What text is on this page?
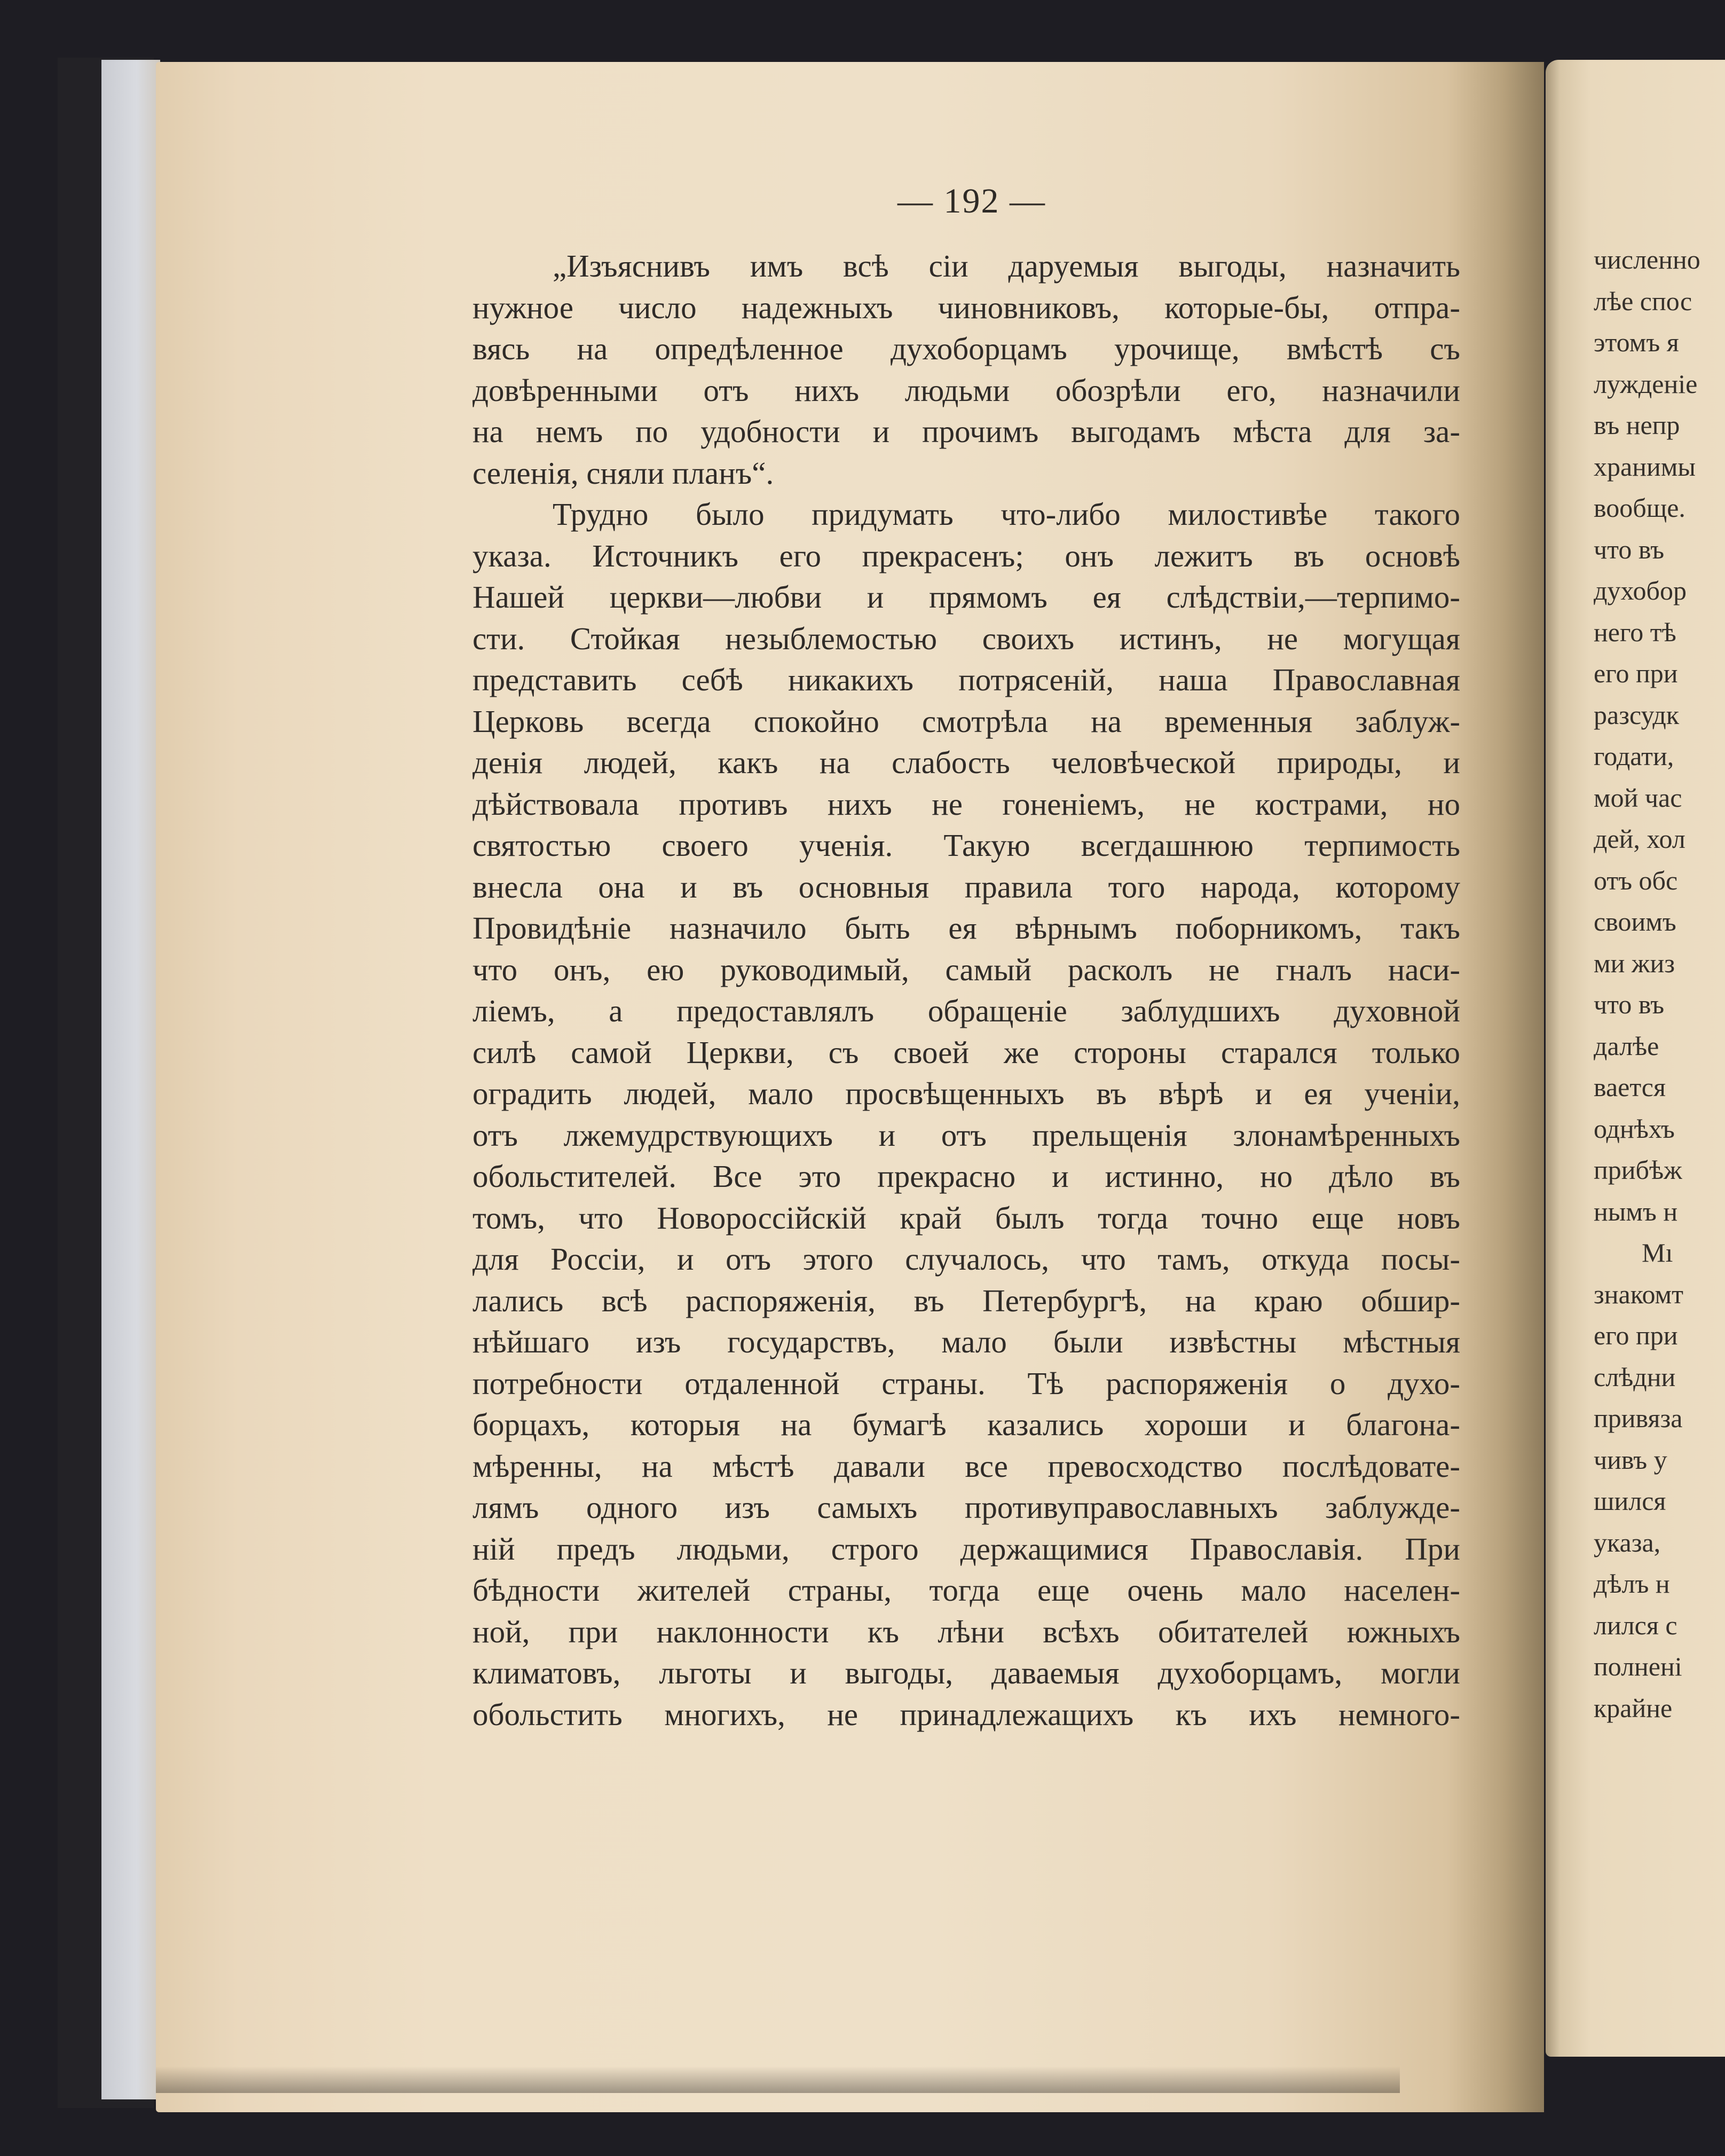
— 192 —
„Изъяснивъ имъ всѣ сіи даруемыя выгоды, назначить
нужное число надежныхъ чиновниковъ, которые-бы, отпра-
вясь на опредѣленное духоборцамъ урочище, вмѣстѣ съ
довѣренными отъ нихъ людьми обозрѣли его, назначили
на немъ по удобности и прочимъ выгодамъ мѣста для за-
селенія, сняли планъ“.
Трудно было придумать что-либо милостивѣе такого
указа. Источникъ его прекрасенъ; онъ лежитъ въ основѣ
Нашей церкви—любви и прямомъ ея слѣдствіи,—терпимо-
сти. Стойкая незыблемостью своихъ истинъ, не могущая
представить себѣ никакихъ потрясеній, наша Православная
Церковь всегда спокойно смотрѣла на временныя заблуж-
денія людей, какъ на слабость человѣческой природы, и
дѣйствовала противъ нихъ не гоненіемъ, не кострами, но
святостью своего ученія. Такую всегдашнюю терпимость
внесла она и въ основныя правила того народа, которому
Провидѣніе назначило быть ея вѣрнымъ поборникомъ, такъ
что онъ, ею руководимый, самый расколъ не гналъ наси-
ліемъ, а предоставлялъ обращеніе заблудшихъ духовной
силѣ самой Церкви, съ своей же стороны старался только
оградить людей, мало просвѣщенныхъ въ вѣрѣ и ея ученіи,
отъ лжемудрствующихъ и отъ прельщенія злонамѣренныхъ
обольстителей. Все это прекрасно и истинно, но дѣло въ
томъ, что Новороссійскій край былъ тогда точно еще новъ
для Россіи, и отъ этого случалось, что тамъ, откуда посы-
лались всѣ распоряженія, въ Петербургѣ, на краю обшир-
нѣйшаго изъ государствъ, мало были извѣстны мѣстныя
потребности отдаленной страны. Тѣ распоряженія о духо-
борцахъ, которыя на бумагѣ казались хороши и благона-
мѣренны, на мѣстѣ давали все превосходство послѣдовате-
лямъ одного изъ самыхъ противуправославныхъ заблужде-
ній предъ людьми, строго держащимися Православія. При
бѣдности жителей страны, тогда еще очень мало населен-
ной, при наклонности къ лѣни всѣхъ обитателей южныхъ
климатовъ, льготы и выгоды, даваемыя духоборцамъ, могли
обольстить многихъ, не принадлежащихъ къ ихъ немного-
численно
лѣе спос
этомъ я
лужденіе
въ непр
хранимы
вообще.
что въ
духобор
него тѣ
его при
разсудк
годати,
мой час
дей, хол
отъ обс
своимъ
ми жиз
что въ
далѣе
вается
однѣхъ
прибѣж
нымъ н
Мı
знакомт
его при
слѣдни
привяза
чивъ у
шился
указа,
дѣлъ н
лился с
полнені
крайне
